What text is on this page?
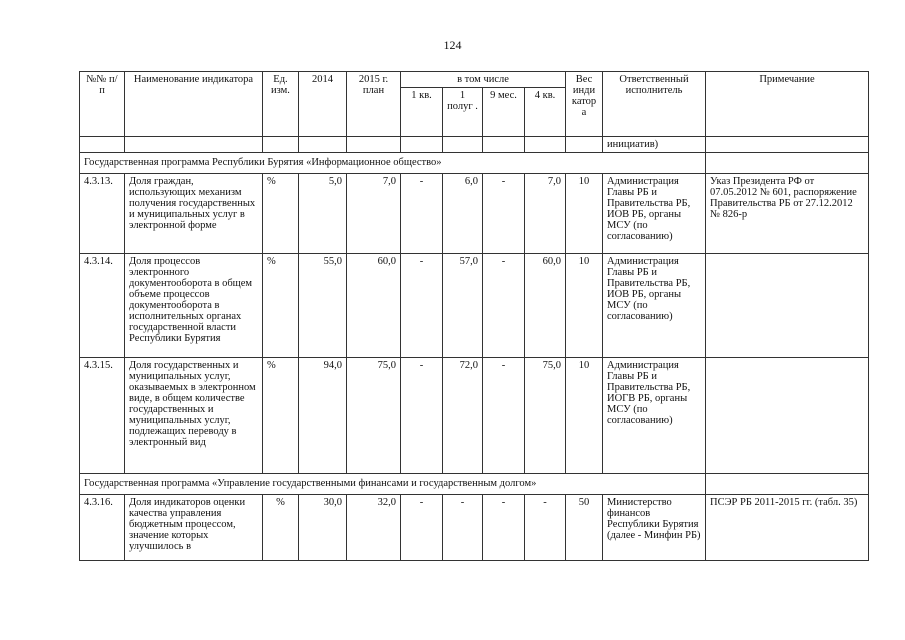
124
№№ п/п	Наименование индикатора	Ед. изм.	2014	2015 г. план	в том числе				Вес инди катор а	Ответственный исполнитель	Примечание
					1 кв.	1 полуг .	9 мес.	4 кв.			
										инициатив)	
Государственная программа Республики Бурятия «Информационное общество»											
4.3.13.	Доля граждан, использующих механизм получения государственных и муниципальных услуг в электронной форме	%	5,0	7,0	-	6,0	-	7,0	10	Администрация Главы РБ и Правительства РБ, ИОВ РБ, органы МСУ (по согласованию)	Указ Президента РФ от 07.05.2012 № 601, распоряжение Правительства РБ от 27.12.2012 № 826-р
4.3.14.	Доля процессов электронного документооборота в общем объеме процессов документооборота в исполнительных органах государственной власти Республики Бурятия	%	55,0	60,0	-	57,0	-	60,0	10	Администрация Главы РБ и Правительства РБ, ИОВ РБ, органы МСУ (по согласованию)	
4.3.15.	Доля государственных и муниципальных услуг, оказываемых в электронном виде, в общем количестве государственных и муниципальных услуг, подлежащих переводу в электронный вид	%	94,0	75,0	-	72,0	-	75,0	10	Администрация Главы РБ и Правительства РБ, ИОГВ РБ, органы МСУ (по согласованию)	
Государственная программа «Управление государственными финансами и государственным долгом»											
4.3.16.	Доля индикаторов оценки качества управления бюджетным процессом, значение которых улучшилось в	%	30,0	32,0	-	-	-	-	50	Министерство финансов Республики Бурятия (далее - Минфин РБ)	ПСЭР РБ 2011-2015 гг. (табл. 35)
